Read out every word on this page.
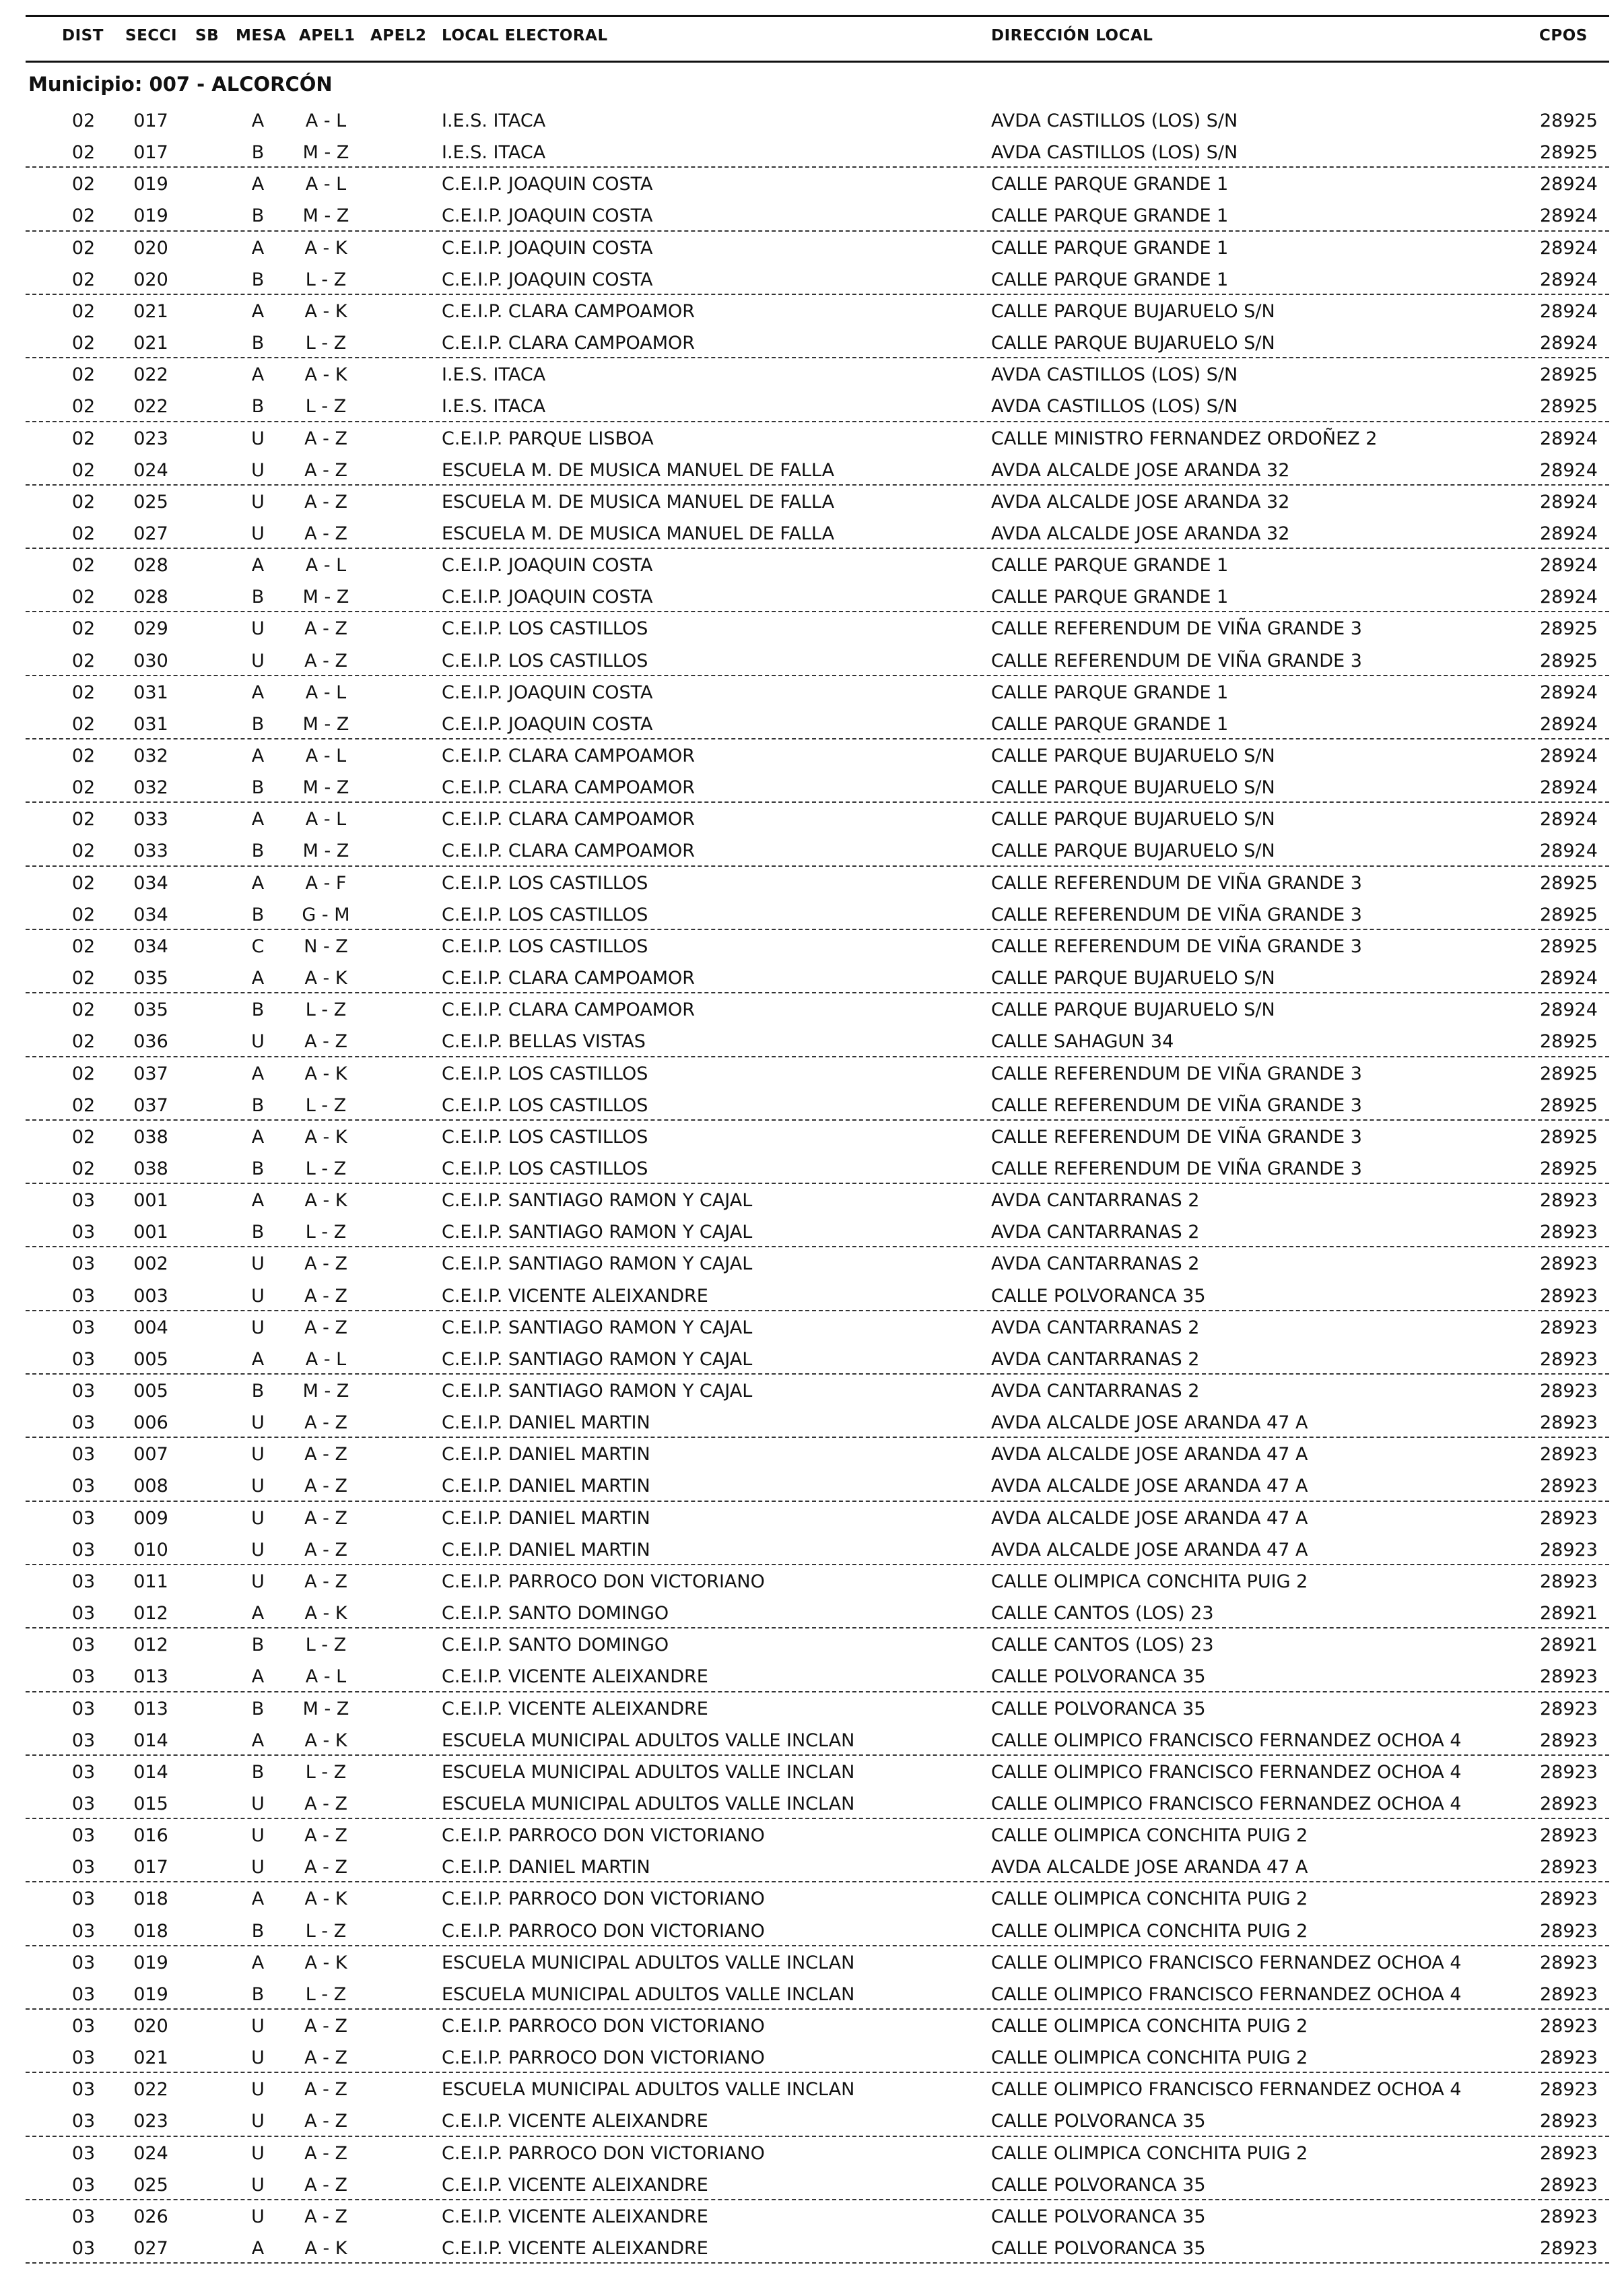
DIST SECCI SB MESA APEL1 APEL2 LOCAL ELECTORAL	DIRECCIÓN LOCAL	CPOS
Municipio: 007 - ALCORCÓN
02 017	A A - L	I.E.S. ITACA	AVDA CASTILLOS (LOS) S/N	28925
02 017	B M - Z	I.E.S. ITACA	AVDA CASTILLOS (LOS) S/N	28925
02 019	A A - L	C.E.I.P. JOAQUIN COSTA	CALLE PARQUE GRANDE 1	28924
02 019	B M - Z	C.E.I.P. JOAQUIN COSTA	CALLE PARQUE GRANDE 1	28924
02 020	A A - K	C.E.I.P. JOAQUIN COSTA	CALLE PARQUE GRANDE 1	28924
02 020	B L - Z	C.E.I.P. JOAQUIN COSTA	CALLE PARQUE GRANDE 1	28924
02 021	A A - K	C.E.I.P. CLARA CAMPOAMOR	CALLE PARQUE BUJARUELO S/N	28924
02 021	B L - Z	C.E.I.P. CLARA CAMPOAMOR	CALLE PARQUE BUJARUELO S/N	28924
02 022	A A - K	I.E.S. ITACA	AVDA CASTILLOS (LOS) S/N	28925
02 022	B L - Z	I.E.S. ITACA	AVDA CASTILLOS (LOS) S/N	28925
02 023	U A - Z	C.E.I.P. PARQUE LISBOA	CALLE MINISTRO FERNANDEZ ORDOÑEZ 2	28924
02 024	U A - Z	ESCUELA M. DE MUSICA MANUEL DE FALLA	AVDA ALCALDE JOSE ARANDA 32	28924
02 025	U A - Z	ESCUELA M. DE MUSICA MANUEL DE FALLA	AVDA ALCALDE JOSE ARANDA 32	28924
02 027	U A - Z	ESCUELA M. DE MUSICA MANUEL DE FALLA	AVDA ALCALDE JOSE ARANDA 32	28924
02 028	A A - L	C.E.I.P. JOAQUIN COSTA	CALLE PARQUE GRANDE 1	28924
02 028	B M - Z	C.E.I.P. JOAQUIN COSTA	CALLE PARQUE GRANDE 1	28924
02 029	U A - Z	C.E.I.P. LOS CASTILLOS	CALLE REFERENDUM DE VIÑA GRANDE 3	28925
02 030	U A - Z	C.E.I.P. LOS CASTILLOS	CALLE REFERENDUM DE VIÑA GRANDE 3	28925
02 031	A A - L	C.E.I.P. JOAQUIN COSTA	CALLE PARQUE GRANDE 1	28924
02 031	B M - Z	C.E.I.P. JOAQUIN COSTA	CALLE PARQUE GRANDE 1	28924
02 032	A A - L	C.E.I.P. CLARA CAMPOAMOR	CALLE PARQUE BUJARUELO S/N	28924
02 032	B M - Z	C.E.I.P. CLARA CAMPOAMOR	CALLE PARQUE BUJARUELO S/N	28924
02 033	A A - L	C.E.I.P. CLARA CAMPOAMOR	CALLE PARQUE BUJARUELO S/N	28924
02 033	B M - Z	C.E.I.P. CLARA CAMPOAMOR	CALLE PARQUE BUJARUELO S/N	28924
02 034	A A - F	C.E.I.P. LOS CASTILLOS	CALLE REFERENDUM DE VIÑA GRANDE 3	28925
02 034	B G - M	C.E.I.P. LOS CASTILLOS	CALLE REFERENDUM DE VIÑA GRANDE 3	28925
02 034	C N - Z	C.E.I.P. LOS CASTILLOS	CALLE REFERENDUM DE VIÑA GRANDE 3	28925
02 035	A A - K	C.E.I.P. CLARA CAMPOAMOR	CALLE PARQUE BUJARUELO S/N	28924
02 035	B L - Z	C.E.I.P. CLARA CAMPOAMOR	CALLE PARQUE BUJARUELO S/N	28924
02 036	U A - Z	C.E.I.P. BELLAS VISTAS	CALLE SAHAGUN 34	28925
02 037	A A - K	C.E.I.P. LOS CASTILLOS	CALLE REFERENDUM DE VIÑA GRANDE 3	28925
02 037	B L - Z	C.E.I.P. LOS CASTILLOS	CALLE REFERENDUM DE VIÑA GRANDE 3	28925
02 038	A A - K	C.E.I.P. LOS CASTILLOS	CALLE REFERENDUM DE VIÑA GRANDE 3	28925
02 038	B L - Z	C.E.I.P. LOS CASTILLOS	CALLE REFERENDUM DE VIÑA GRANDE 3	28925
03 001	A A - K	C.E.I.P. SANTIAGO RAMON Y CAJAL	AVDA CANTARRANAS 2	28923
03 001	B L - Z	C.E.I.P. SANTIAGO RAMON Y CAJAL	AVDA CANTARRANAS 2	28923
03 002	U A - Z	C.E.I.P. SANTIAGO RAMON Y CAJAL	AVDA CANTARRANAS 2	28923
03 003	U A - Z	C.E.I.P. VICENTE ALEIXANDRE	CALLE POLVORANCA 35	28923
03 004	U A - Z	C.E.I.P. SANTIAGO RAMON Y CAJAL	AVDA CANTARRANAS 2	28923
03 005	A A - L	C.E.I.P. SANTIAGO RAMON Y CAJAL	AVDA CANTARRANAS 2	28923
03 005	B M - Z	C.E.I.P. SANTIAGO RAMON Y CAJAL	AVDA CANTARRANAS 2	28923
03 006	U A - Z	C.E.I.P. DANIEL MARTIN	AVDA ALCALDE JOSE ARANDA 47 A	28923
03 007	U A - Z	C.E.I.P. DANIEL MARTIN	AVDA ALCALDE JOSE ARANDA 47 A	28923
03 008	U A - Z	C.E.I.P. DANIEL MARTIN	AVDA ALCALDE JOSE ARANDA 47 A	28923
03 009	U A - Z	C.E.I.P. DANIEL MARTIN	AVDA ALCALDE JOSE ARANDA 47 A	28923
03 010	U A - Z	C.E.I.P. DANIEL MARTIN	AVDA ALCALDE JOSE ARANDA 47 A	28923
03 011	U A - Z	C.E.I.P. PARROCO DON VICTORIANO	CALLE OLIMPICA CONCHITA PUIG 2	28923
03 012	A A - K	C.E.I.P. SANTO DOMINGO	CALLE CANTOS (LOS) 23	28921
03 012	B L - Z	C.E.I.P. SANTO DOMINGO	CALLE CANTOS (LOS) 23	28921
03 013	A A - L	C.E.I.P. VICENTE ALEIXANDRE	CALLE POLVORANCA 35	28923
03 013	B M - Z	C.E.I.P. VICENTE ALEIXANDRE	CALLE POLVORANCA 35	28923
03 014	A A - K	ESCUELA MUNICIPAL ADULTOS VALLE INCLAN	CALLE OLIMPICO FRANCISCO FERNANDEZ OCHOA 4	28923
03 014	B L - Z	ESCUELA MUNICIPAL ADULTOS VALLE INCLAN	CALLE OLIMPICO FRANCISCO FERNANDEZ OCHOA 4	28923
03 015	U A - Z	ESCUELA MUNICIPAL ADULTOS VALLE INCLAN	CALLE OLIMPICO FRANCISCO FERNANDEZ OCHOA 4	28923
03 016	U A - Z	C.E.I.P. PARROCO DON VICTORIANO	CALLE OLIMPICA CONCHITA PUIG 2	28923
03 017	U A - Z	C.E.I.P. DANIEL MARTIN	AVDA ALCALDE JOSE ARANDA 47 A	28923
03 018	A A - K	C.E.I.P. PARROCO DON VICTORIANO	CALLE OLIMPICA CONCHITA PUIG 2	28923
03 018	B L - Z	C.E.I.P. PARROCO DON VICTORIANO	CALLE OLIMPICA CONCHITA PUIG 2	28923
03 019	A A - K	ESCUELA MUNICIPAL ADULTOS VALLE INCLAN	CALLE OLIMPICO FRANCISCO FERNANDEZ OCHOA 4	28923
03 019	B L - Z	ESCUELA MUNICIPAL ADULTOS VALLE INCLAN	CALLE OLIMPICO FRANCISCO FERNANDEZ OCHOA 4	28923
03 020	U A - Z	C.E.I.P. PARROCO DON VICTORIANO	CALLE OLIMPICA CONCHITA PUIG 2	28923
03 021	U A - Z	C.E.I.P. PARROCO DON VICTORIANO	CALLE OLIMPICA CONCHITA PUIG 2	28923
03 022	U A - Z	ESCUELA MUNICIPAL ADULTOS VALLE INCLAN	CALLE OLIMPICO FRANCISCO FERNANDEZ OCHOA 4	28923
03 023	U A - Z	C.E.I.P. VICENTE ALEIXANDRE	CALLE POLVORANCA 35	28923
03 024	U A - Z	C.E.I.P. PARROCO DON VICTORIANO	CALLE OLIMPICA CONCHITA PUIG 2	28923
03 025	U A - Z	C.E.I.P. VICENTE ALEIXANDRE	CALLE POLVORANCA 35	28923
03 026	U A - Z	C.E.I.P. VICENTE ALEIXANDRE	CALLE POLVORANCA 35	28923
03 027	A A - K	C.E.I.P. VICENTE ALEIXANDRE	CALLE POLVORANCA 35	28923
